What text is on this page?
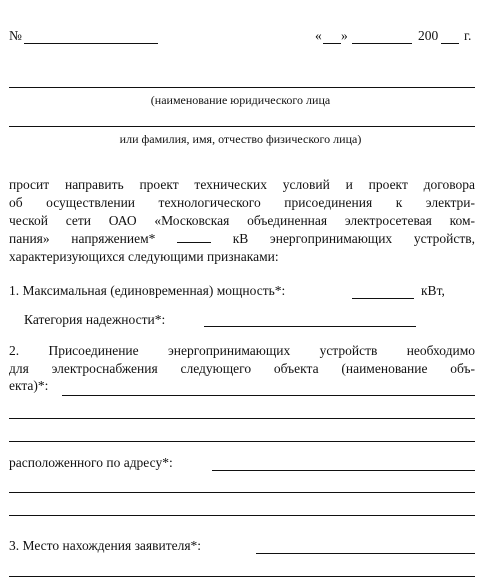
№	« »	200 г.
(наименование юридического лица
или фамилия, имя, отчество физического лица)
просит направить проект технических условий и проект договора
об осуществлении технологического присоединения к электри-
ческой сети ОАО «Московская объединенная электросетевая ком-
пания» напряжением*	кВ энергопринимающих устройств,
характеризующихся следующими признаками:
1. Максимальная (единовременная) мощность*:	кВт,
Категория надежности*:
2. Присоединение энергопринимающих устройств необходимо
для электроснабжения следующего объекта (наименование объ-
екта)*:
расположенного по адресу*:
3. Место нахождения заявителя*:
